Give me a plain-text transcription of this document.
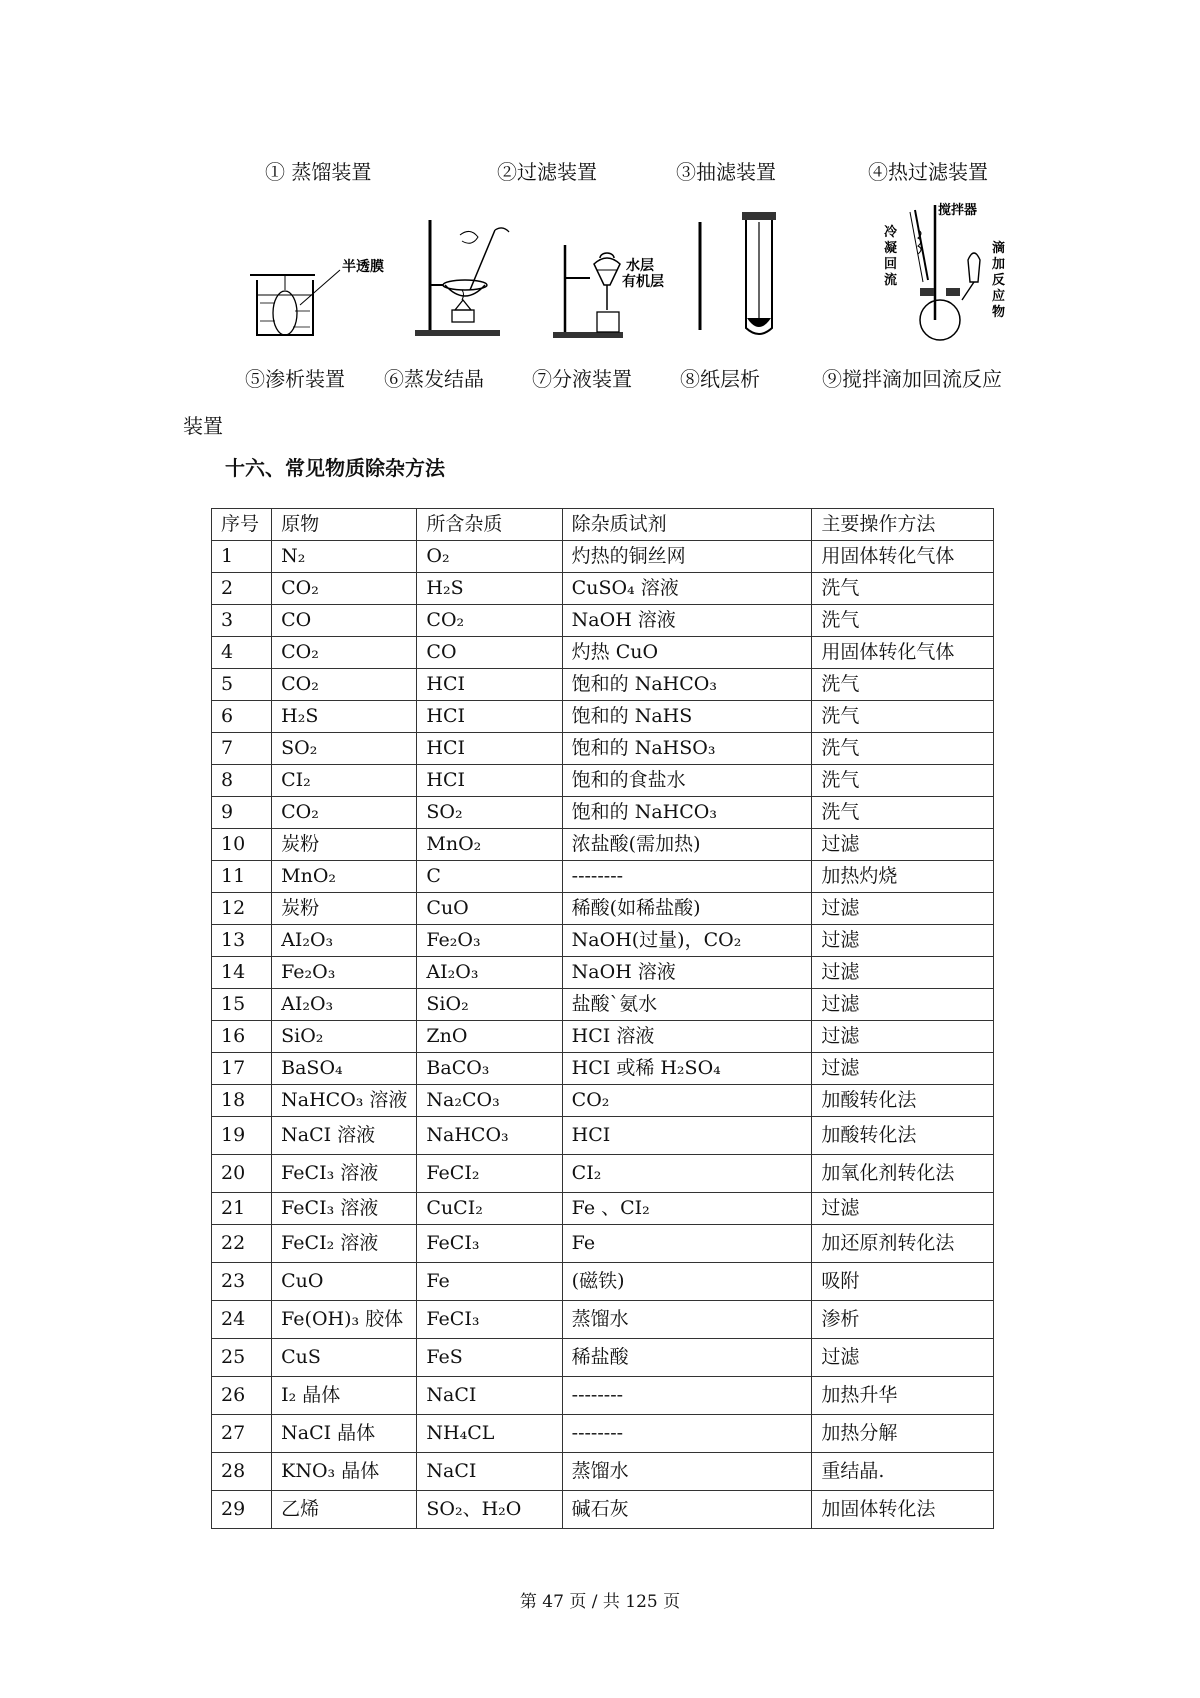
① 蒸馏装置	②过滤装置	③抽滤装置	④热过滤装置
半透膜	水层
有机层
搅拌器
冷凝回流
滴加反应物
⑤渗析装置 ⑥蒸发结晶 ⑦分液装置 ⑧纸层析	⑨搅拌滴加回流反应
装置
十六、常见物质除杂方法
序号	原物	所含杂质	除杂质试剂	主要操作方法
1	N₂	O₂	灼热的铜丝网	用固体转化气体
2	CO₂	H₂S	CuSO₄ 溶液	洗气
3	CO	CO₂	NaOH 溶液	洗气
4	CO₂	CO	灼热 CuO	用固体转化气体
5	CO₂	HCI	饱和的 NaHCO₃	洗气
6	H₂S	HCI	饱和的 NaHS	洗气
7	SO₂	HCI	饱和的 NaHSO₃	洗气
8	CI₂	HCI	饱和的食盐水	洗气
9	CO₂	SO₂	饱和的 NaHCO₃	洗气
10	炭粉	MnO₂	浓盐酸(需加热)	过滤
11	MnO₂	C	--------	加热灼烧
12	炭粉	CuO	稀酸(如稀盐酸)	过滤
13	AI₂O₃	Fe₂O₃	NaOH(过量)，CO₂	过滤
14	Fe₂O₃	AI₂O₃	NaOH 溶液	过滤
15	AI₂O₃	SiO₂	盐酸`氨水	过滤
16	SiO₂	ZnO	HCI 溶液	过滤
17	BaSO₄	BaCO₃	HCI 或稀 H₂SO₄	过滤
18	NaHCO₃ 溶液	Na₂CO₃	CO₂	加酸转化法
19	NaCI 溶液	NaHCO₃	HCI	加酸转化法
20	FeCI₃ 溶液	FeCI₂	CI₂	加氧化剂转化法
21	FeCI₃ 溶液	CuCI₂	Fe 、CI₂	过滤
22	FeCI₂ 溶液	FeCI₃	Fe	加还原剂转化法
23	CuO	Fe	(磁铁)	吸附
24	Fe(OH)₃ 胶体	FeCI₃	蒸馏水	渗析
25	CuS	FeS	稀盐酸	过滤
26	I₂ 晶体	NaCI	--------	加热升华
27	NaCI 晶体	NH₄CL	--------	加热分解
28	KNO₃ 晶体	NaCI	蒸馏水	重结晶.
29	乙烯	SO₂、H₂O	碱石灰	加固体转化法
第 47 页 / 共 125 页
